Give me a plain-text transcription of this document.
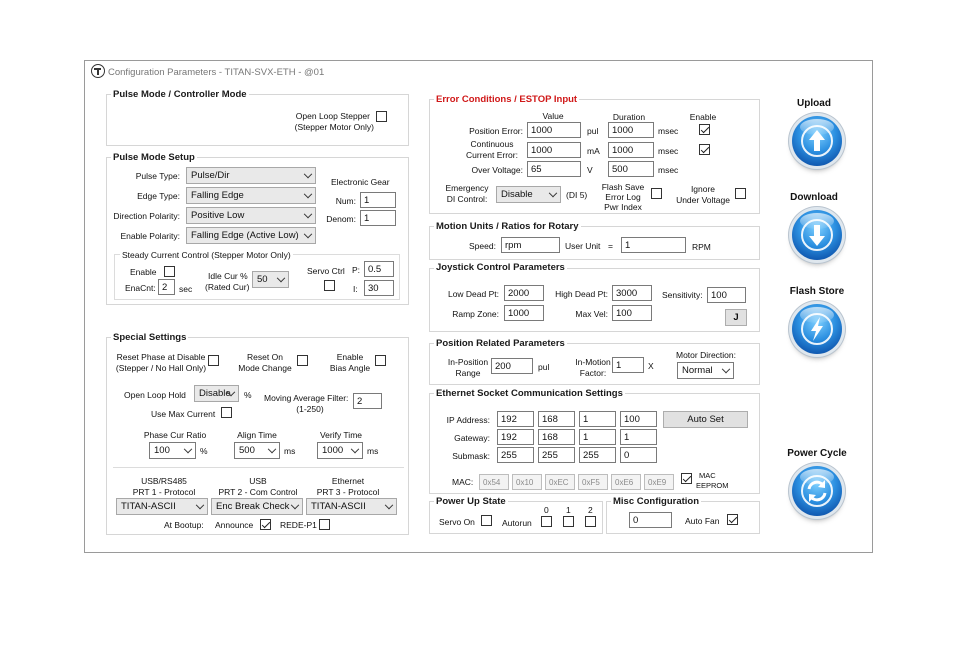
Configuration Parameters - TITAN-SVX-ETH - @01
Pulse Mode / Controller Mode
Open Loop Stepper
(Stepper Motor Only)
Pulse Mode Setup
Pulse Type:	Pulse/Dir
Edge Type:	Falling Edge
Direction Polarity:	Positive Low
Enable Polarity:	Falling Edge (Active Low)
Electronic Gear
Num: 1
Denom: 1
Steady Current Control (Stepper Motor Only)
Enable
EnaCnt: 2	sec
Idle Cur %
(Rated Cur)
50
Servo Ctrl P: 0.5
I:	30
Special Settings
Reset Phase at Disable
(Stepper / No Hall Only)
Reset On
Mode Change
Enable
Bias Angle
Open Loop Hold	Disable	%
Use Max Current
Moving Average Filter:
(1-250)
2
Phase Cur Ratio
100	%
Align Time
500	ms
Verify Time
1000	ms
USB/RS485
PRT 1 - Protocol
TITAN-ASCII
USB
PRT 2 - Com Control
Enc Break Check
Ethernet
PRT 3 - Protocol
TITAN-ASCII
At Bootup: Announce	REDE-P1
Error Conditions / ESTOP Input
Value	Duration	Enable
Position Error: 1000	pul	1000	msec
Continuous
Current Error:	1000	mA	1000	msec
Over Voltage: 65	V	500	msec
Emergency
DI Control:	Disable	(DI 5)
Flash Save
Error Log
Pwr Index
Ignore
Under Voltage
Motion Units / Ratios for Rotary
Speed: rpm	User Unit =	1	RPM
Joystick Control Parameters
Low Dead Pt: 2000	High Dead Pt: 3000	Sensitivity: 100
Ramp Zone: 1000	Max Vel: 100	J
Position Related Parameters
In-Position
Range
200	pul	In-Motion
Factor:
1	X
Motor Direction:
Normal
Ethernet Socket Communication Settings
IP Address:	192	168	1	100
Gateway:	192	168	1	1
Submask:	255	255	255	0
Auto Set
MAC:	0x54	0x10	0xEC	0xF5	0xE6	0xE9
MAC
EEPROM
Power Up State
Servo On	Autorun
0 1 2
Misc Configuration
0	Auto Fan
Upload
Download
Flash Store
Power Cycle
